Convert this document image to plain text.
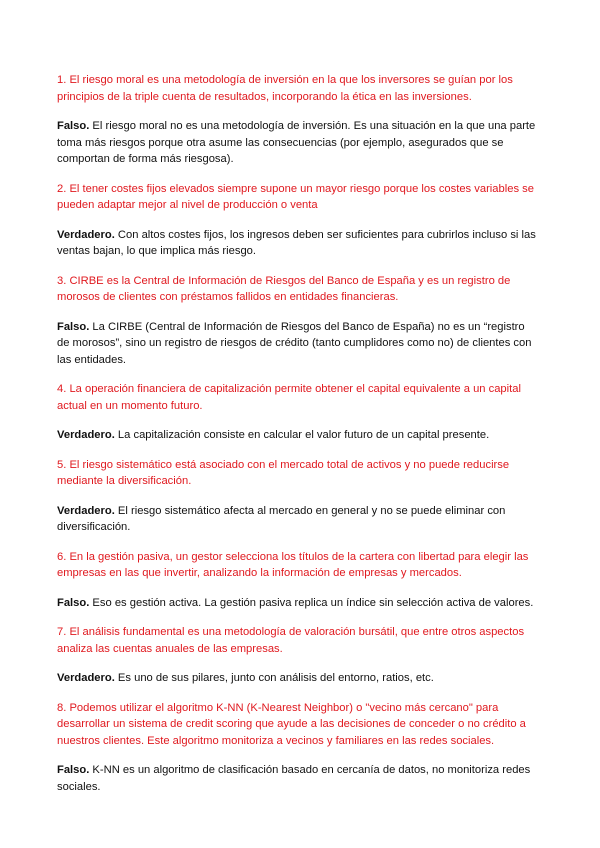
1. El riesgo moral es una metodología de inversión en la que los inversores se guían por los principios de la triple cuenta de resultados, incorporando la ética en las inversiones.

Falso. El riesgo moral no es una metodología de inversión. Es una situación en la que una parte toma más riesgos porque otra asume las consecuencias (por ejemplo, asegurados que se comportan de forma más riesgosa).

2. El tener costes fijos elevados siempre supone un mayor riesgo porque los costes variables se pueden adaptar mejor al nivel de producción o venta

Verdadero. Con altos costes fijos, los ingresos deben ser suficientes para cubrirlos incluso si las ventas bajan, lo que implica más riesgo.

3. CIRBE es la Central de Información de Riesgos del Banco de España y es un registro de morosos de clientes con préstamos fallidos en entidades financieras.

Falso. La CIRBE (Central de Información de Riesgos del Banco de España) no es un “registro de morosos”, sino un registro de riesgos de crédito (tanto cumplidores como no) de clientes con las entidades.

4. La operación financiera de capitalización permite obtener el capital equivalente a un capital actual en un momento futuro.

Verdadero. La capitalización consiste en calcular el valor futuro de un capital presente.

5. El riesgo sistemático está asociado con el mercado total de activos y no puede reducirse mediante la diversificación.

Verdadero. El riesgo sistemático afecta al mercado en general y no se puede eliminar con diversificación.

6. En la gestión pasiva, un gestor selecciona los títulos de la cartera con libertad para elegir las empresas en las que invertir, analizando la información de empresas y mercados.

Falso. Eso es gestión activa. La gestión pasiva replica un índice sin selección activa de valores.

7. El análisis fundamental es una metodología de valoración bursátil, que entre otros aspectos analiza las cuentas anuales de las empresas.

Verdadero. Es uno de sus pilares, junto con análisis del entorno, ratios, etc.

8. Podemos utilizar el algoritmo K-NN (K-Nearest Neighbor) o "vecino más cercano" para desarrollar un sistema de credit scoring que ayude a las decisiones de conceder o no crédito a nuestros clientes. Este algoritmo monitoriza a vecinos y familiares en las redes sociales.

Falso. K-NN es un algoritmo de clasificación basado en cercanía de datos, no monitoriza redes sociales.
